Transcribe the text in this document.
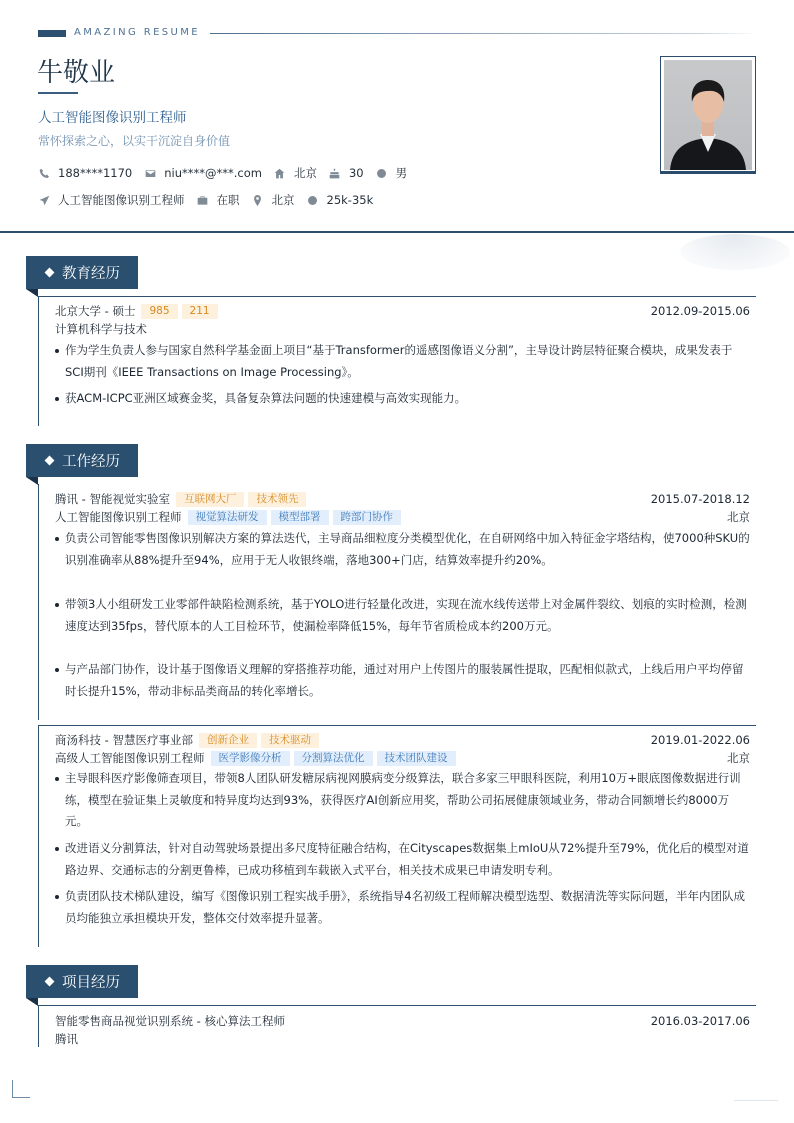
AMAZING RESUME
牛敬业
人工智能图像识别工程师
常怀探索之心，以实干沉淀自身价值
188****1170	niu****@***.com	北京	30	男
人工智能图像识别工程师	在职	北京	25k-35k
教育经历
北京大学 - 硕士	985	211	2012.09-2015.06
计算机科学与技术
作为学生负责人参与国家自然科学基金面上项目“基于Transformer的遥感图像语义分割”，主导设计跨层特征聚合模块，成果发表于SCI期刊《IEEE Transactions on Image Processing》。
获ACM-ICPC亚洲区域赛金奖，具备复杂算法问题的快速建模与高效实现能力。
工作经历
腾讯 - 智能视觉实验室	互联网大厂	技术领先	2015.07-2018.12
人工智能图像识别工程师	视觉算法研发	模型部署	跨部门协作	北京
负责公司智能零售图像识别解决方案的算法迭代，主导商品细粒度分类模型优化，在自研网络中加入特征金字塔结构，使7000种SKU的识别准确率从88%提升至94%，应用于无人收银终端，落地300+门店，结算效率提升约20%。
带领3人小组研发工业零部件缺陷检测系统，基于YOLO进行轻量化改进，实现在流水线传送带上对金属件裂纹、划痕的实时检测，检测速度达到35fps，替代原本的人工目检环节，使漏检率降低15%，每年节省质检成本约200万元。
与产品部门协作，设计基于图像语义理解的穿搭推荐功能，通过对用户上传图片的服装属性提取，匹配相似款式，上线后用户平均停留时长提升15%，带动非标品类商品的转化率增长。
商汤科技 - 智慧医疗事业部	创新企业	技术驱动	2019.01-2022.06
高级人工智能图像识别工程师	医学影像分析	分割算法优化	技术团队建设	北京
主导眼科医疗影像筛查项目，带领8人团队研发糖尿病视网膜病变分级算法，联合多家三甲眼科医院，利用10万+眼底图像数据进行训练，模型在验证集上灵敏度和特异度均达到93%，获得医疗AI创新应用奖，帮助公司拓展健康领域业务，带动合同额增长约8000万元。
改进语义分割算法，针对自动驾驶场景提出多尺度特征融合结构，在Cityscapes数据集上mIoU从72%提升至79%，优化后的模型对道路边界、交通标志的分割更鲁棒，已成功移植到车载嵌入式平台，相关技术成果已申请发明专利。
负责团队技术梯队建设，编写《图像识别工程实战手册》，系统指导4名初级工程师解决模型选型、数据清洗等实际问题，半年内团队成员均能独立承担模块开发，整体交付效率提升显著。
项目经历
智能零售商品视觉识别系统 - 核心算法工程师	2016.03-2017.06
腾讯
